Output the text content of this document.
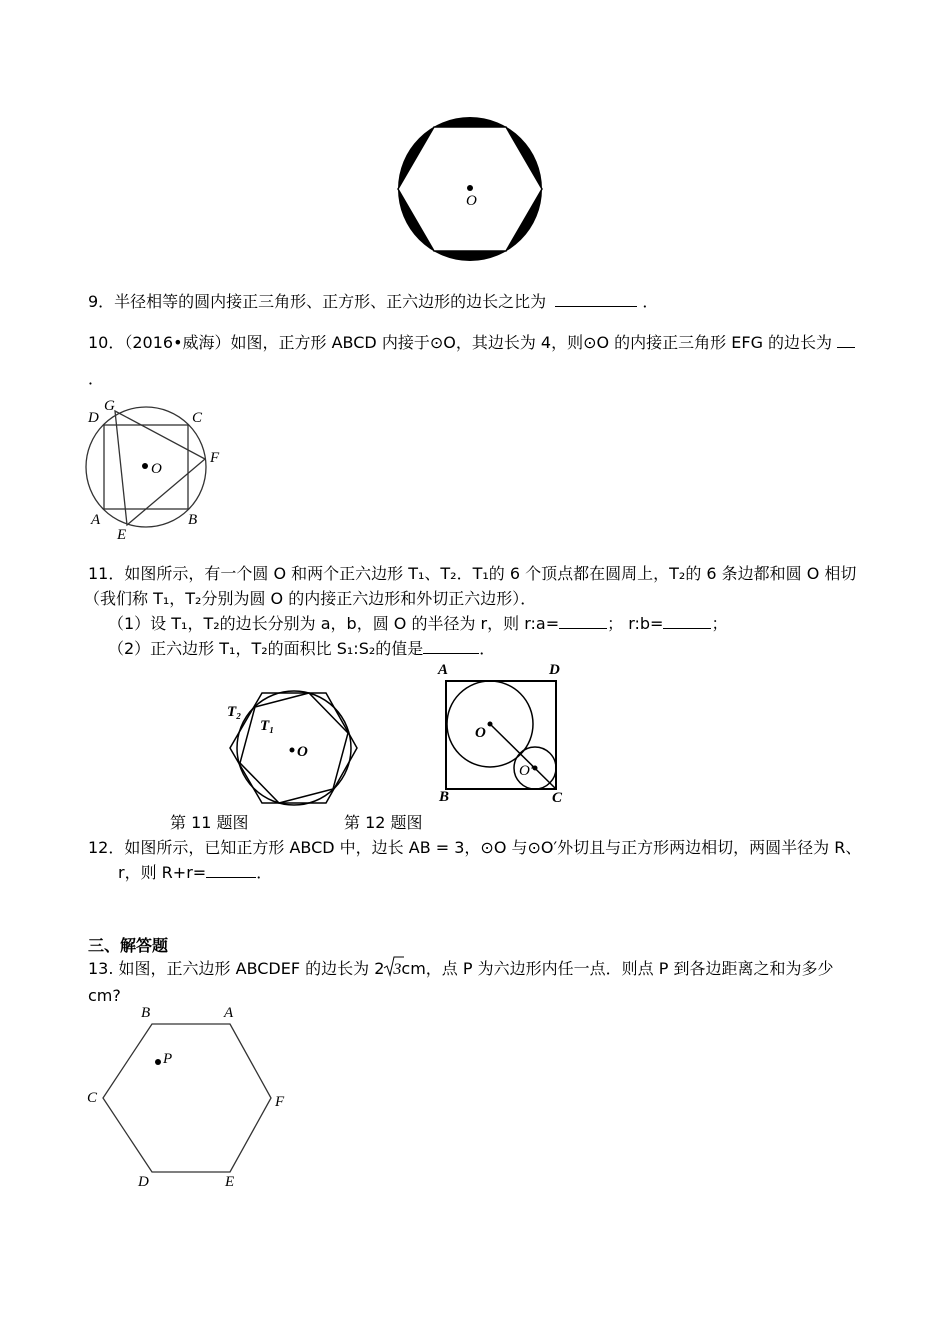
O
9．半径相等的圆内接正三角形、正方形、正六边形的边长之比为	．
10．（2016•威海）如图，正方形 ABCD 内接于⊙O，其边长为 4，则⊙O 的内接正三角形 EFG 的边长为
．
D
G
C
F
O
A	B
E
11．如图所示，有一个圆 O 和两个正六边形 T₁、T₂．T₁的 6 个顶点都在圆周上，T₂的 6 条边都和圆 O 相切
（我们称 T₁，T₂分别为圆 O 的内接正六边形和外切正六边形）．
（1）设 T₁，T₂的边长分别为 a，b，圆 O 的半径为 r，则 r:a=	； r:b=	；
（2）正六边形 T₁，T₂的面积比 S₁:S₂的值是	．
T₂
T₁
O
第 11 题图
A	D
O
O′
B	C
第 12 题图
12．如图所示，已知正方形 ABCD 中，边长 AB = 3，⊙O 与⊙O′外切且与正方形两边相切，两圆半径为 R、
r，则 R+r=	．
三、解答题
13. 如图，正六边形 ABCDEF 的边长为 2 3cm，点 P 为六边形内任一点．则点 P 到各边距离之和为多少
cm?
B	A
P
C	F
D	E
